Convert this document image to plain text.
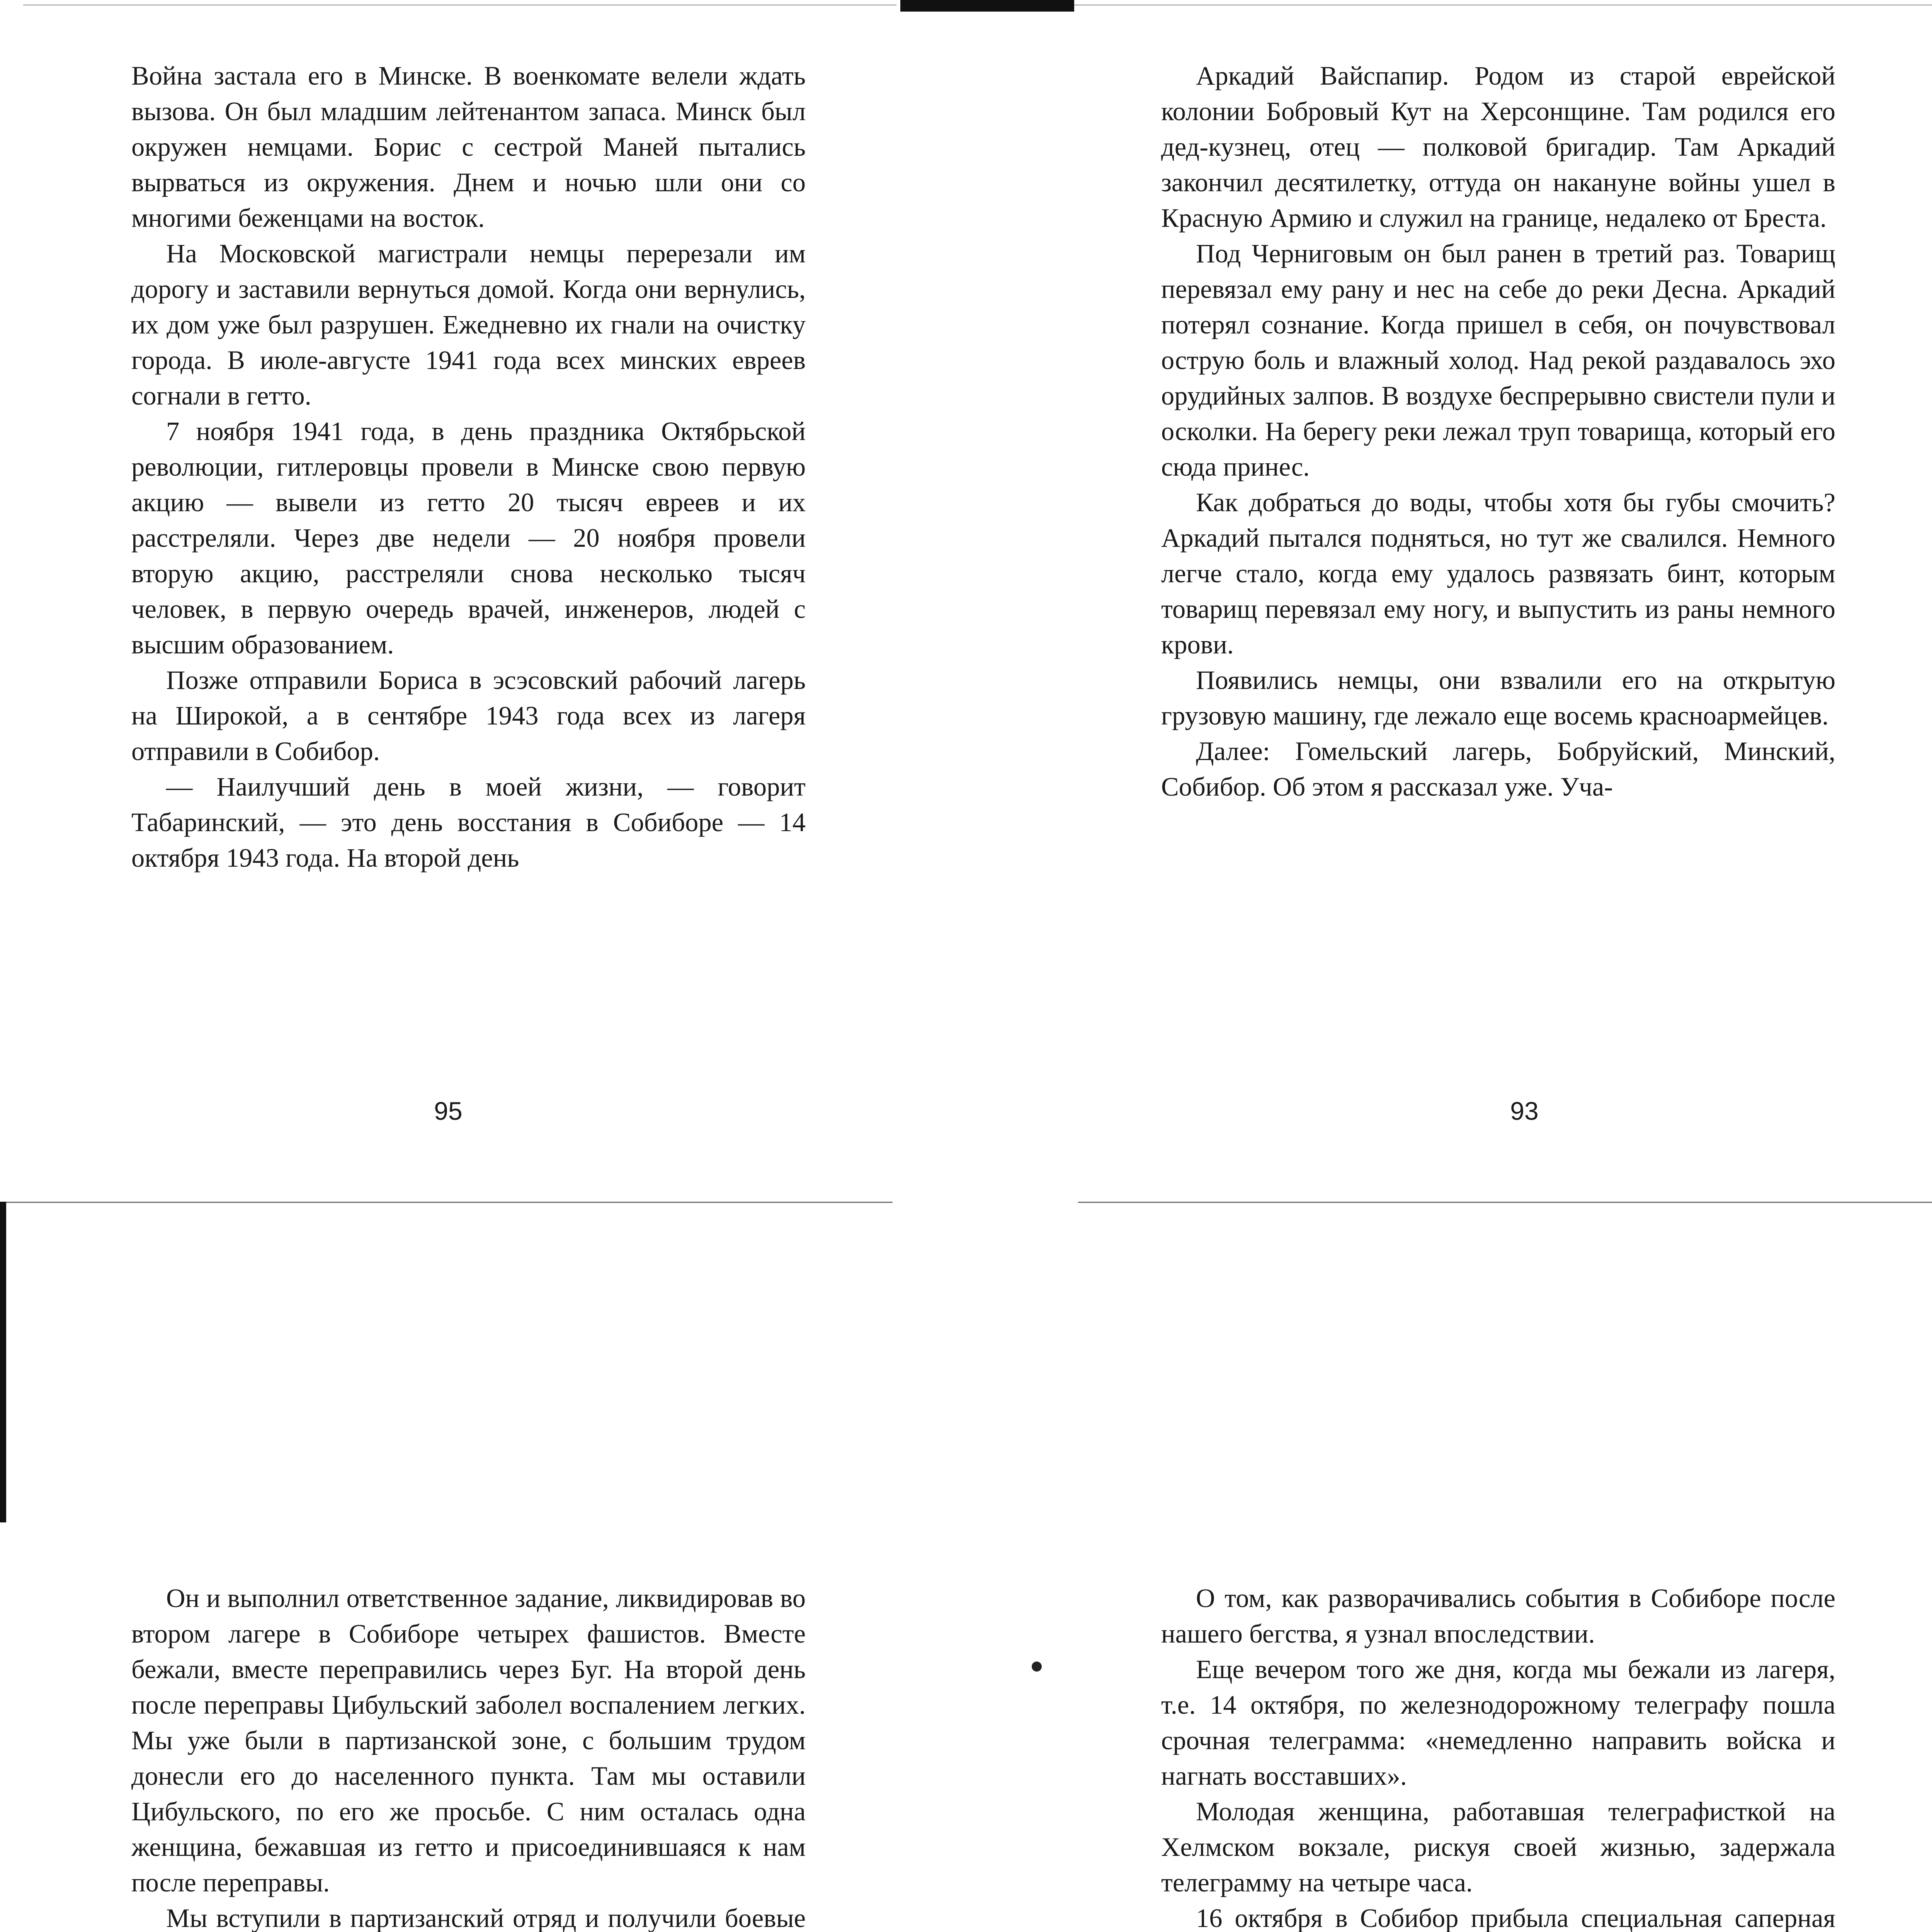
Война застала его в Минске. В военкомате велели ждать вызова. Он был младшим лейтенантом запаса. Минск был окружен немцами. Борис с сестрой Маней пытались вырваться из окружения. Днем и ночью шли они со многими беженцами на восток.

На Московской магистрали немцы перерезали им дорогу и заставили вернуться домой. Когда они вернулись, их дом уже был разрушен. Ежедневно их гнали на очистку города. В июле-августе 1941 года всех минских евреев согнали в гетто.

7 ноября 1941 года, в день праздника Октябрьской революции, гитлеровцы провели в Минске свою первую акцию — вывели из гетто 20 тысяч евреев и их расстреляли. Через две недели — 20 ноября провели вторую акцию, расстреляли снова несколько тысяч человек, в первую очередь врачей, инженеров, людей с высшим образованием.

Позже отправили Бориса в эсэсовский рабочий лагерь на Широкой, а в сентябре 1943 года всех из лагеря отправили в Собибор.

— Наилучший день в моей жизни, — говорит Табаринский, — это день восстания в Собиборе — 14 октября 1943 года. На второй день

95

Аркадий Вайспапир. Родом из старой еврейской колонии Бобровый Кут на Херсонщине. Там родился его дед-кузнец, отец — полковой бригадир. Там Аркадий закончил десятилетку, оттуда он накануне войны ушел в Красную Армию и служил на границе, недалеко от Бреста.

Под Черниговым он был ранен в третий раз. Товарищ перевязал ему рану и нес на себе до реки Десна. Аркадий потерял сознание. Когда пришел в себя, он почувствовал острую боль и влажный холод. Над рекой раздавалось эхо орудийных залпов. В воздухе беспрерывно свистели пули и осколки. На берегу реки лежал труп товарища, который его сюда принес.

Как добраться до воды, чтобы хотя бы губы смочить? Аркадий пытался подняться, но тут же свалился. Немного легче стало, когда ему удалось развязать бинт, которым товарищ перевязал ему ногу, и выпустить из раны немного крови.

Появились немцы, они взвалили его на открытую грузовую машину, где лежало еще восемь красноармейцев.

Далее: Гомельский лагерь, Бобруйский, Минский, Собибор. Об этом я рассказал уже. Уча-

93

Он и выполнил ответственное задание, ликвидировав во втором лагере в Собиборе четырех фашистов. Вместе бежали, вместе переправились через Буг. На второй день после переправы Цибульский заболел воспалением легких. Мы уже были в партизанской зоне, с большим трудом донесли его до населенного пункта. Там мы оставили Цибульского, по его же просьбе. С ним осталась одна женщина, бежавшая из гетто и присоединившаяся к нам после переправы.

Мы вступили в партизанский отряд и получили боевые

О том, как разворачивались события в Собиборе после нашего бегства, я узнал впоследствии.

Еще вечером того же дня, когда мы бежали из лагеря, т.е. 14 октября, по железнодорожному телеграфу пошла срочная телеграмма: «немедленно направить войска и нагнать восставших».

Молодая женщина, работавшая телеграфисткой на Хелмском вокзале, рискуя своей жизнью, задержала телеграмму на четыре часа.

16 октября в Собибор прибыла специальная саперная
